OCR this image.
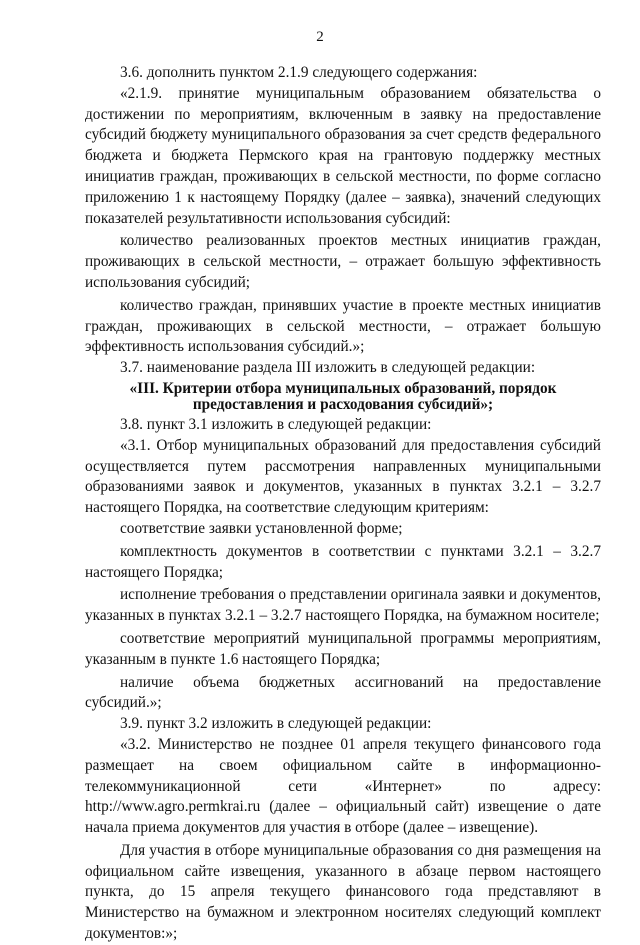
2

3.6. дополнить пунктом 2.1.9 следующего содержания:

«2.1.9. принятие муниципальным образованием обязательства о достижении по мероприятиям, включенным в заявку на предоставление субсидий бюджету муниципального образования за счет средств федерального бюджета и бюджета Пермского края на грантовую поддержку местных инициатив граждан, проживающих в сельской местности, по форме согласно приложению 1 к настоящему Порядку (далее – заявка), значений следующих показателей результативности использования субсидий:

количество реализованных проектов местных инициатив граждан, проживающих в сельской местности, – отражает большую эффективность использования субсидий;

количество граждан, принявших участие в проекте местных инициатив граждан, проживающих в сельской местности, – отражает большую эффективность использования субсидий.»;

3.7. наименование раздела III изложить в следующей редакции:

«III. Критерии отбора муниципальных образований, порядок предоставления и расходования субсидий»;

3.8. пункт 3.1 изложить в следующей редакции:

«3.1. Отбор муниципальных образований для предоставления субсидий осуществляется путем рассмотрения направленных муниципальными образованиями заявок и документов, указанных в пунктах 3.2.1 – 3.2.7 настоящего Порядка, на соответствие следующим критериям:

соответствие заявки установленной форме;

комплектность документов в соответствии с пунктами 3.2.1 – 3.2.7 настоящего Порядка;

исполнение требования о представлении оригинала заявки и документов, указанных в пунктах 3.2.1 – 3.2.7 настоящего Порядка, на бумажном носителе;

соответствие мероприятий муниципальной программы мероприятиям, указанным в пункте 1.6 настоящего Порядка;

наличие объема бюджетных ассигнований на предоставление субсидий.»;

3.9. пункт 3.2 изложить в следующей редакции:

«3.2. Министерство не позднее 01 апреля текущего финансового года размещает на своем официальном сайте в информационно-телекоммуникационной сети «Интернет» по адресу: http://www.agro.permkrai.ru (далее – официальный сайт) извещение о дате начала приема документов для участия в отборе (далее – извещение).

Для участия в отборе муниципальные образования со дня размещения на официальном сайте извещения, указанного в абзаце первом настоящего пункта, до 15 апреля текущего финансового года представляют в Министерство на бумажном и электронном носителях следующий комплект документов:»;
